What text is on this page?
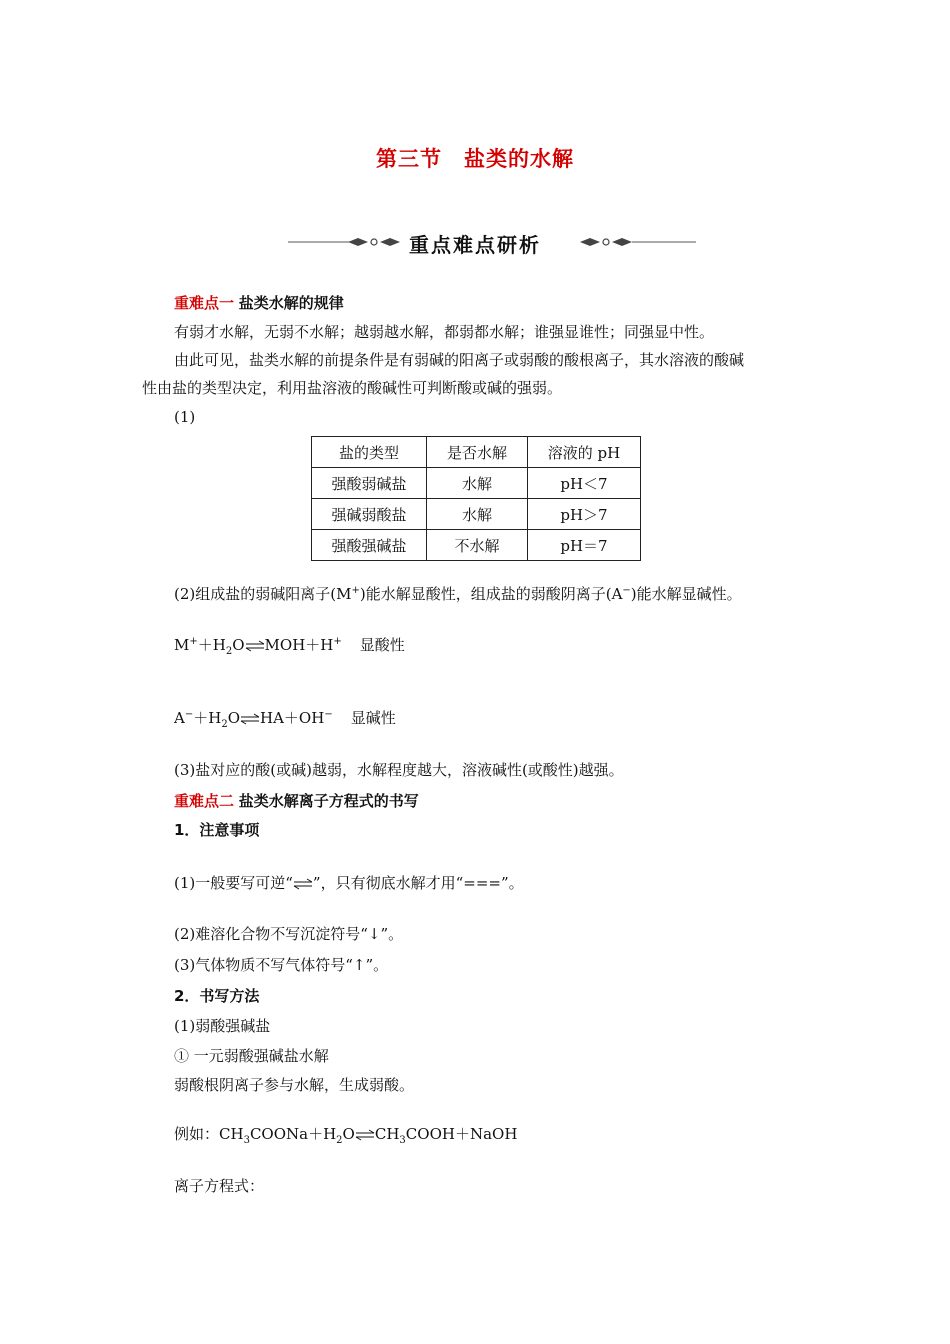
第三节　盐类的水解
重点难点研析
重难点一 盐类水解的规律
有弱才水解，无弱不水解；越弱越水解，都弱都水解；谁强显谁性；同强显中性。
由此可见，盐类水解的前提条件是有弱碱的阳离子或弱酸的酸根离子，其水溶液的酸碱
性由盐的类型决定，利用盐溶液的酸碱性可判断酸或碱的强弱。
(1)
盐的类型	是否水解	溶液的 pH
强酸弱碱盐	水解	pH＜7
强碱弱酸盐	水解	pH＞7
强酸强碱盐	不水解	pH＝7
(2)组成盐的弱碱阳离子(M+)能水解显酸性，组成盐的弱酸阴离子(A−)能水解显碱性。
$M^++H_2O\rightleftharpoons MOH+H^+$ 显酸性
$A^-+H_2O\rightleftharpoons HA+OH^-$ 显碱性
(3)盐对应的酸(或碱)越弱，水解程度越大，溶液碱性(或酸性)越强。
重难点二 盐类水解离子方程式的书写
1．注意事项
(1)一般要写可逆“⇌”，只有彻底水解才用“===”。
(2)难溶化合物不写沉淀符号“↓”。
(3)气体物质不写气体符号“↑”。
2．书写方法
(1)弱酸强碱盐
① 一元弱酸强碱盐水解
弱酸根阴离子参与水解，生成弱酸。
例如：$CH_3COONa+H_2O\rightleftharpoons CH_3COOH+NaOH$
离子方程式：
